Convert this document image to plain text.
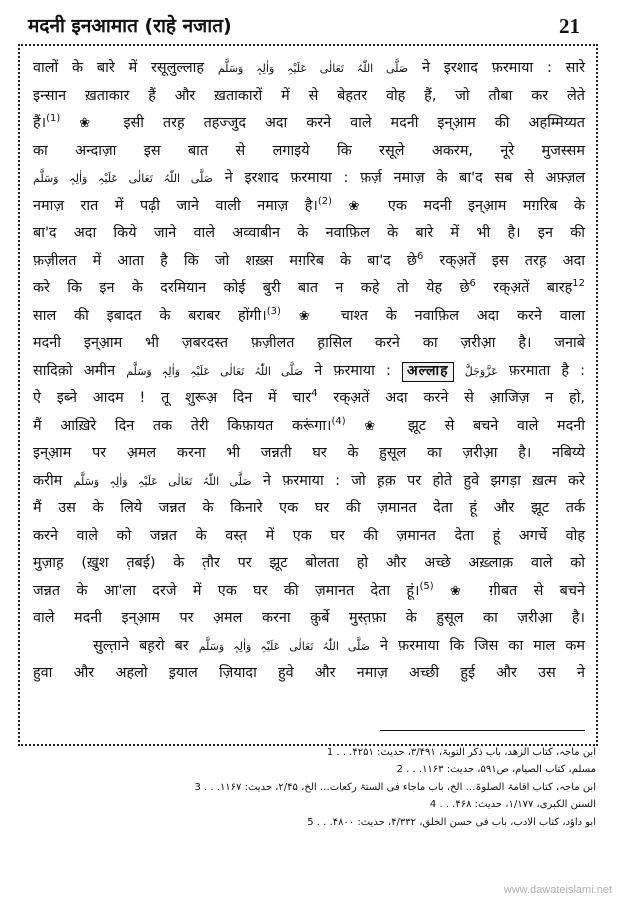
मदनी इनआमात (राहे नजात)	21
वालों के बारे में रसूलुल्लाह صَلَّی اللّٰہُ تَعَالٰی عَلَیْہِ وَاٰلِہٖ وَسَلَّم ने इरशाद फ़रमाया : सारे
इन्सान ख़ताकार हैं और ख़ताकारों में से बेहतर वोह हैं, जो तौबा कर लेते
हैं।$^{(1)}$ ❀ इसी तरह़ तहज्जुद अदा करने वाले मदनी इन्आ़म की अहम्मिय्यत
का अन्दाज़ा इस बात से लगाइये कि रसूले अकरम, नूरे मुजस्सम
صَلَّی اللّٰہُ تَعَالٰی عَلَیْہِ وَاٰلِہٖ وَسَلَّم ने इरशाद फ़रमाया : फ़र्ज़ नमाज़ के बा'द सब से अफ़्ज़ल
नमाज़ रात में पढ़ी जाने वाली नमाज़ है।$^{(2)}$ ❀ एक मदनी इन्आ़म मग़रिब के
बा'द अदा किये जाने वाले अव्वाबीन के नवाफ़िल के बारे में भी है। इन की
फ़ज़ीलत में आता है कि जो शख़्स मग़रिब के बा'द छे$^6$ रक्अ़तें इस तरह़ अदा
करे कि इन के दरमियान कोई बुरी बात न कहे तो येह छे$^6$ रक्अ़तें बारह$^{12}$
साल की इबादत के बराबर होंगी।$^{(3)}$ ❀ चाश्त के नवाफ़िल अदा करने वाला
मदनी इन्आ़म भी ज़बरदस्त फ़ज़ीलत ह़ासिल करने का ज़रीआ़ है। जनाबे
सादिक़ो अमीन صَلَّی اللّٰہُ تَعَالٰی عَلَیْہِ وَاٰلِہٖ وَسَلَّم ने फ़रमाया : अल्लाह عَزَّوَجَلَّ फ़रमाता है :
ऐ इब्ने आदम ! तू शुरूअ़ दिन में चार$^4$ रक्अ़तें अदा करने से आ़जिज़ न हो,
मैं आख़िरे दिन तक तेरी किफ़ायत करूंगा।$^{(4)}$ ❀ झूट से बचने वाले मदनी
इन्आ़म पर अ़मल करना भी जन्नती घर के ह़ुसूल का ज़रीआ़ है। नबिय्ये
करीम صَلَّی اللّٰہُ تَعَالٰی عَلَیْہِ وَاٰلِہٖ وَسَلَّم ने फ़रमाया : जो ह़क़ पर होते हुवे झगड़ा ख़त्म करे
मैं उस के लिये जन्नत के किनारे एक घर की ज़मानत देता हूं और झूट तर्क
करने वाले को जन्नत के वस्त़ में एक घर की ज़मानत देता हूं अगर्चे वोह
मुज़ाह़ (ख़ुश त़बई) के त़ौर पर झूट बोलता हो और अच्छे अख़्लाक़ वाले को
जन्नत के आ'ला दरजे में एक घर की ज़मानत देता हूं।$^{(5)}$ ❀ ग़ीबत से बचने
वाले मदनी इन्आ़म पर अ़मल करना क़ुर्बे मुस्त़फ़ा के ह़ुसूल का ज़रीआ़ है।
सुल्त़ाने बह़रो बर صَلَّی اللّٰہُ تَعَالٰی عَلَیْہِ وَاٰلِہٖ وَسَلَّم ने फ़रमाया कि जिस का माल कम
हुवा और अहलो इ़याल ज़ियादा हुवे और नमाज़ अच्छी हुई और उस ने
ابن ماجہ، کتاب الزھد، باب ذکر التوبۃ، ۳/۴۹۱، حدیث: ۴۲۵۱1 . . .
مسلم، کتاب الصیام، ص۵۹۱، حدیث: ۱۱۶۳2 . . .
ابن ماجہ، کتاب اقامۃ الصلوۃ… الخ، باب ماجاء فی الستۃ رکعات… الخ، ۲/۴۵، حدیث: ۱۱۶۷3 . . .
السنن الکبری، ۱/۱۷۷، حدیث: ۴۶۸4 . . .
ابو داؤد، کتاب الادب، باب فی حسن الخلق، ۴/۳۳۲، حدیث: ۴۸۰۰5 . . .
www.dawateislami.net
